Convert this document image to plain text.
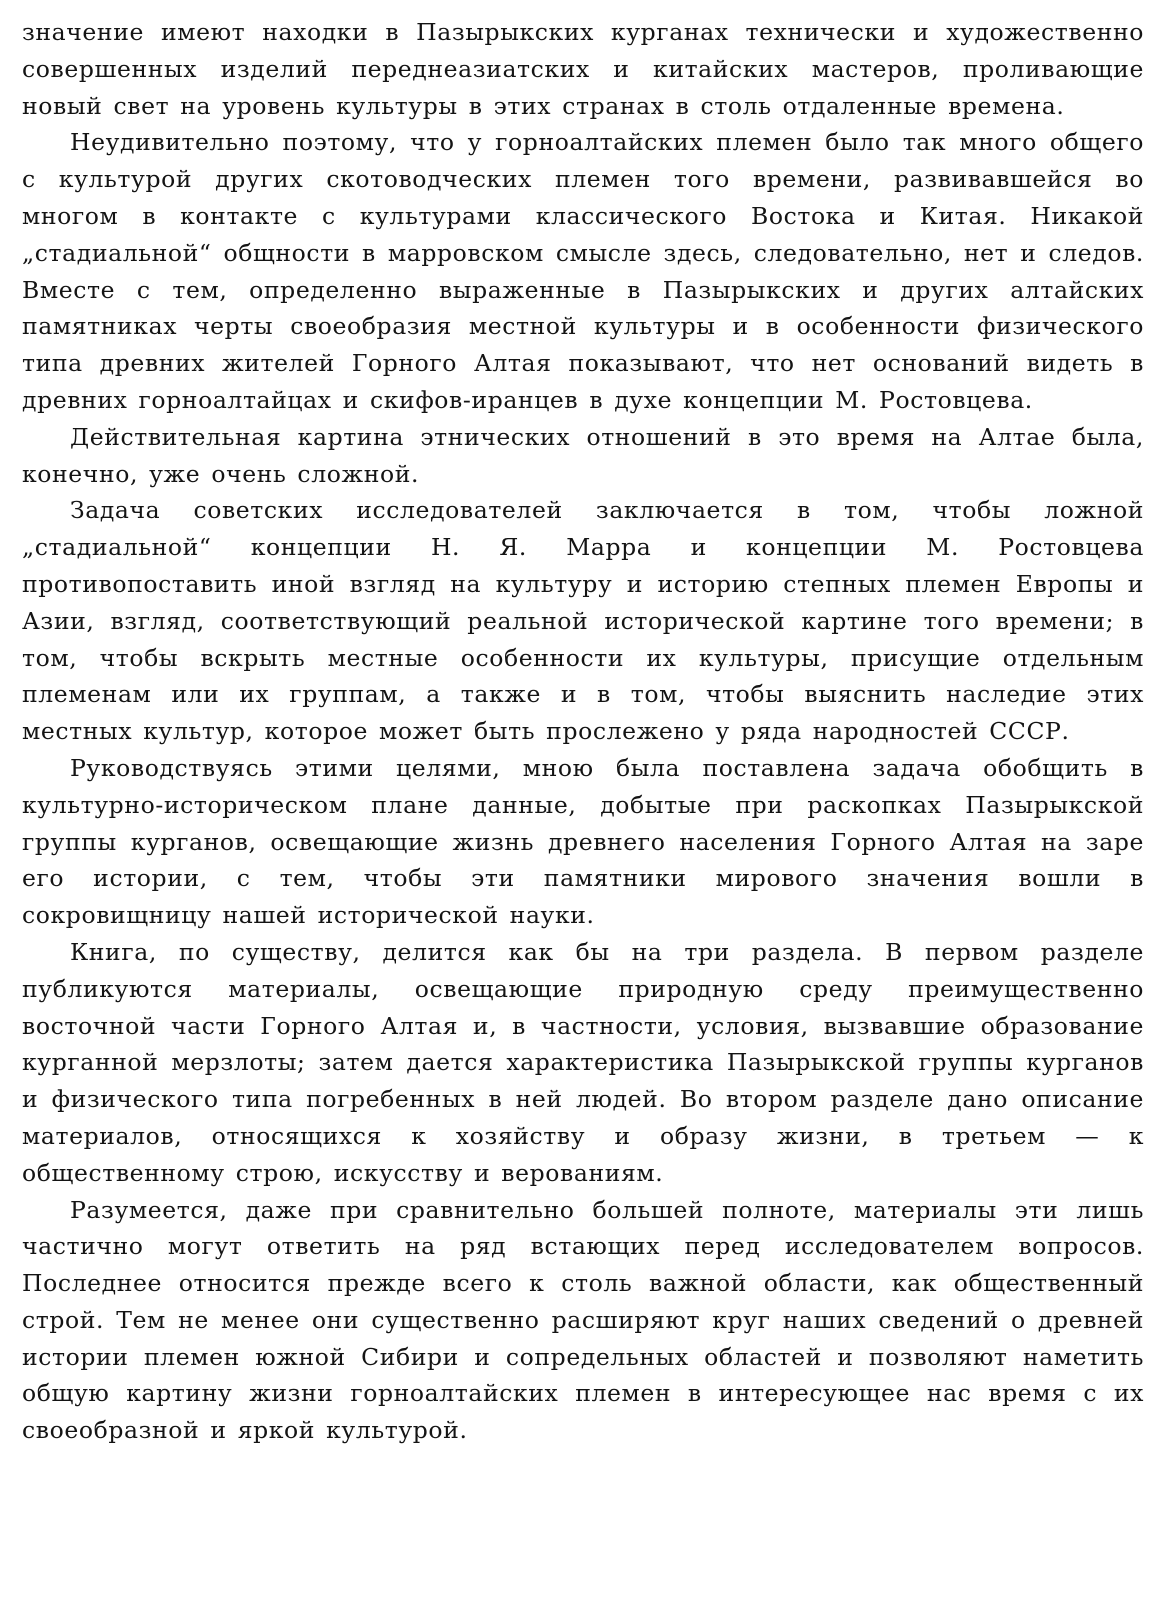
значение имеют находки в Пазырыкских курганах технически и художественно совершенных изделий переднеазиатских и китайских мастеров, проливающие новый свет на уровень культуры в этих странах в столь отдаленные времена.

Неудивительно поэтому, что у горноалтайских племен было так много общего с культурой других скотоводческих племен того времени, развивавшейся во многом в контакте с культурами классического Востока и Китая. Никакой „стадиальной“ общности в марровском смысле здесь, следовательно, нет и следов. Вместе с тем, определенно выраженные в Пазырыкских и других алтайских памятниках черты своеобразия местной культуры и в особенности физического типа древних жителей Горного Алтая показывают, что нет оснований видеть в древних горноалтайцах и скифов-иранцев в духе концепции М. Ростовцева.

Действительная картина этнических отношений в это время на Алтае была, конечно, уже очень сложной.

Задача советских исследователей заключается в том, чтобы ложной „стадиальной“ концепции Н. Я. Марра и концепции М. Ростовцева противопоставить иной взгляд на культуру и историю степных племен Европы и Азии, взгляд, соответствующий реальной исторической картине того времени; в том, чтобы вскрыть местные особенности их культуры, присущие отдельным племенам или их группам, а также и в том, чтобы выяснить наследие этих местных культур, которое может быть прослежено у ряда народностей СССР.

Руководствуясь этими целями, мною была поставлена задача обобщить в культурно-историческом плане данные, добытые при раскопках Пазырыкской группы курганов, освещающие жизнь древнего населения Горного Алтая на заре его истории, с тем, чтобы эти памятники мирового значения вошли в сокровищницу нашей исторической науки.

Книга, по существу, делится как бы на три раздела. В первом разделе публикуются материалы, освещающие природную среду преимущественно восточной части Горного Алтая и, в частности, условия, вызвавшие образование курганной мерзлоты; затем дается характеристика Пазырыкской группы курганов и физического типа погребенных в ней людей. Во втором разделе дано описание материалов, относящихся к хозяйству и образу жизни, в третьем — к общественному строю, искусству и верованиям.

Разумеется, даже при сравнительно большей полноте, материалы эти лишь частично могут ответить на ряд встающих перед исследователем вопросов. Последнее относится прежде всего к столь важной области, как общественный строй. Тем не менее они существенно расширяют круг наших сведений о древней истории племен южной Сибири и сопредельных областей и позволяют наметить общую картину жизни горноалтайских племен в интересующее нас время с их своеобразной и яркой культурой.
